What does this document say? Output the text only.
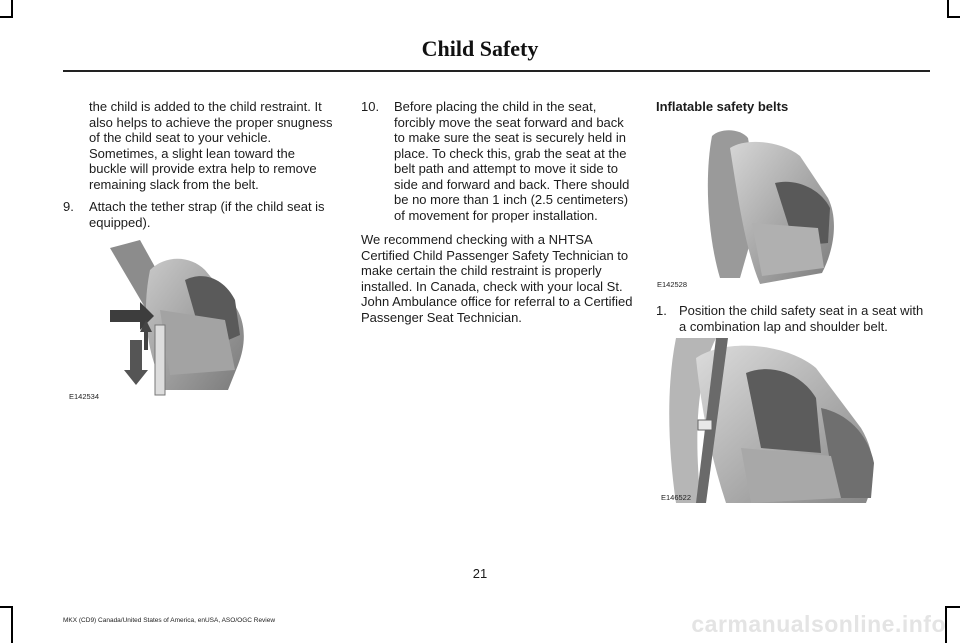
Child Safety

the child is added to the child restraint. It also helps to achieve the proper snugness of the child seat to your vehicle. Sometimes, a slight lean toward the buckle will provide extra help to remove remaining slack from the belt.

9.	Attach the tether strap (if the child seat is equipped).
E142534
10.	Before placing the child in the seat, forcibly move the seat forward and back to make sure the seat is securely held in place. To check this, grab the seat at the belt path and attempt to move it side to side and forward and back. There should be no more than 1 inch (2.5 centimeters) of movement for proper installation.

We recommend checking with a NHTSA Certified Child Passenger Safety Technician to make certain the child restraint is properly installed. In Canada, check with your local St. John Ambulance office for referral to a Certified Passenger Seat Technician.

Inflatable safety belts

E142528
1. Position the child safety seat in a seat with a combination lap and shoulder belt.
E146522
21
MKX (CD9) Canada/United States of America, enUSA, ASO/OGC Review	carmanualsonline.info
